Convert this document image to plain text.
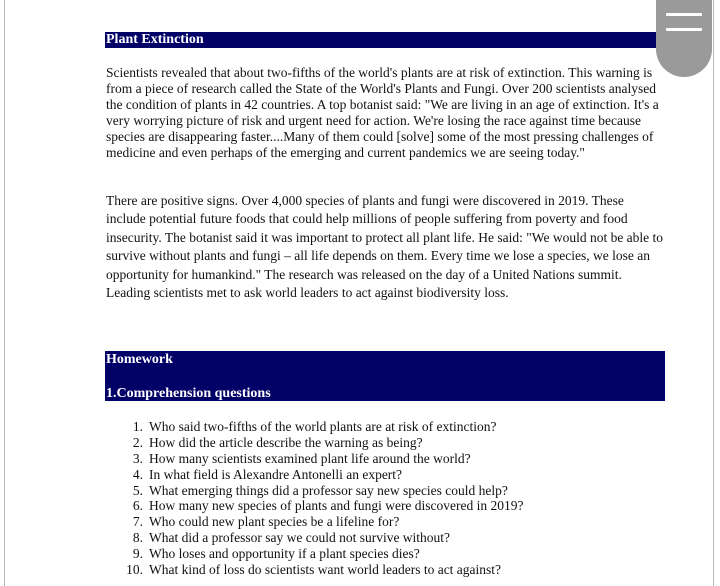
Plant Extinction

Scientists revealed that about two-fifths of the world's plants are at risk of extinction. This warning is from a piece of research called the State of the World's Plants and Fungi. Over 200 scientists analysed the condition of plants in 42 countries. A top botanist said: "We are living in an age of extinction. It's a very worrying picture of risk and urgent need for action. We're losing the race against time because species are disappearing faster....Many of them could [solve] some of the most pressing challenges of medicine and even perhaps of the emerging and current pandemics we are seeing today."

There are positive signs. Over 4,000 species of plants and fungi were discovered in 2019. These include potential future foods that could help millions of people suffering from poverty and food insecurity. The botanist said it was important to protect all plant life. He said: "We would not be able to survive without plants and fungi – all life depends on them. Every time we lose a species, we lose an opportunity for humankind." The research was released on the day of a United Nations summit. Leading scientists met to ask world leaders to act against biodiversity loss.

Homework
1.Comprehension questions
1. Who said two-fifths of the world plants are at risk of extinction?
2. How did the article describe the warning as being?
3. How many scientists examined plant life around the world?
4. In what field is Alexandre Antonelli an expert?
5. What emerging things did a professor say new species could help?
6. How many new species of plants and fungi were discovered in 2019?
7. Who could new plant species be a lifeline for?
8. What did a professor say we could not survive without?
9. Who loses and opportunity if a plant species dies?
10. What kind of loss do scientists want world leaders to act against?
